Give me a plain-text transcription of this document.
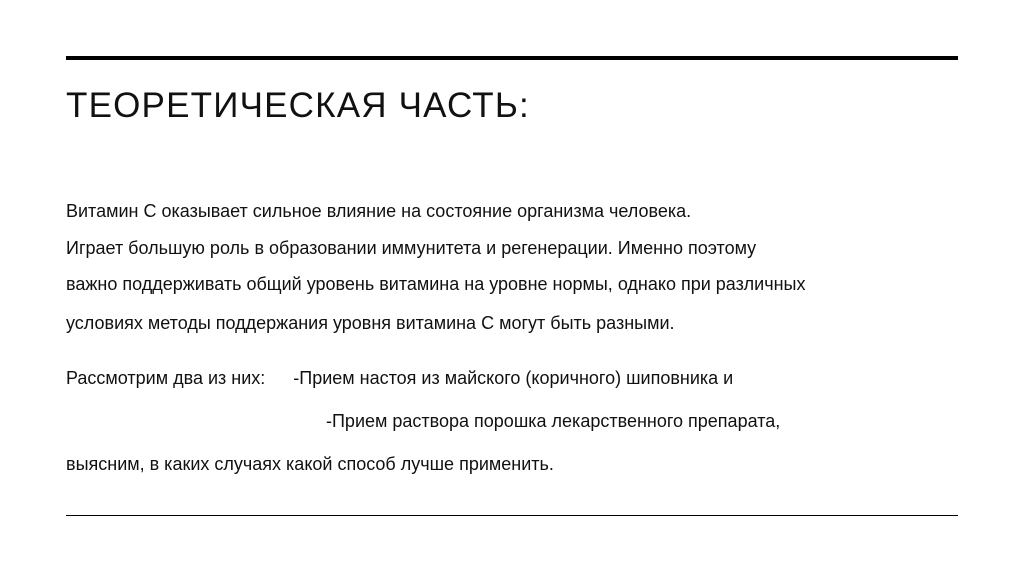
ТЕОРЕТИЧЕСКАЯ ЧАСТЬ:
Витамин С оказывает сильное влияние на состояние организма человека.
Играет большую роль в образовании иммунитета и регенерации. Именно поэтому
важно поддерживать общий уровень витамина на уровне нормы, однако при различных
условиях методы поддержания уровня витамина С могут быть разными.
Рассмотрим два из них: -Прием настоя из майского (коричного) шиповника и
-Прием раствора порошка лекарственного препарата,
выясним, в каких случаях какой способ лучше применить.
